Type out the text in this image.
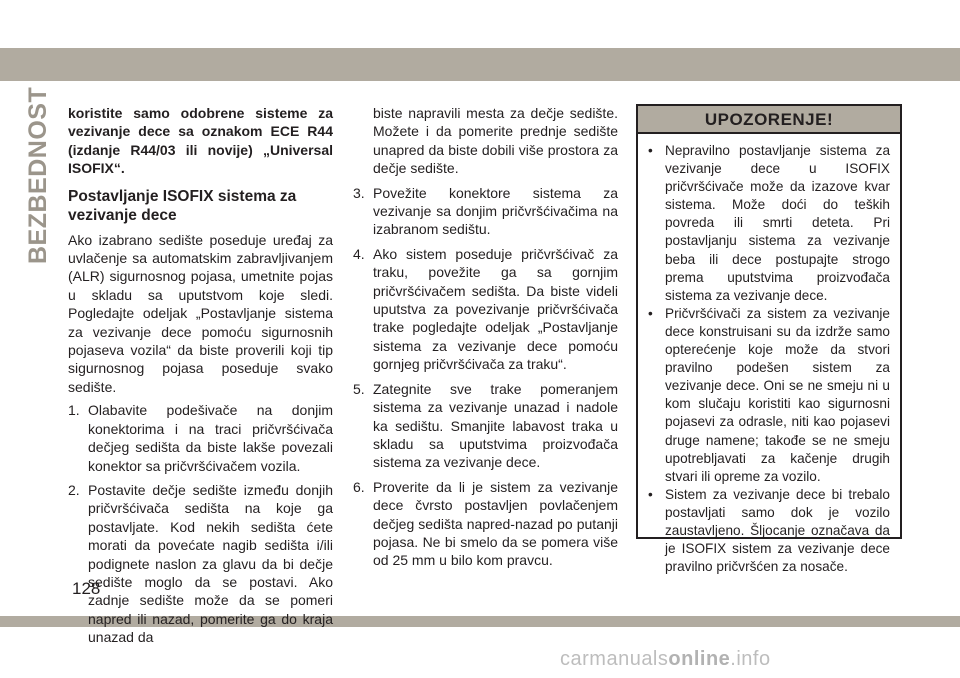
BEZBEDNOST koristite samo odobrene sisteme za vezivanje dece sa oznakom ECE R44 (izdanje R44/03 ili novije) „Universal ISOFIX“.

Postavljanje ISOFIX sistema za vezivanje dece

Ako izabrano sedište poseduje uređaj za uvlačenje sa automatskim zabravljivanjem (ALR) sigurnosnog pojasa, umetnite pojas u skladu sa uputstvom koje sledi. Pogledajte odeljak „Postavljanje sistema za vezivanje dece pomoću sigurnosnih pojaseva vozila“ da biste proverili koji tip sigurnosnog pojasa poseduje svako sedište.

1. Olabavite podešivače na donjim konektorima i na traci pričvršćivača dečjeg sedišta da biste lakše povezali konektor sa pričvršćivačem vozila.
2. Postavite dečje sedište između donjih pričvršćivača sedišta na koje ga postavljate. Kod nekih sedišta ćete morati da povećate nagib sedišta i/ili podignete naslon za glavu da bi dečje sedište moglo da se postavi. Ako zadnje sedište može da se pomeri napred ili nazad, pomerite ga do kraja unazad da
biste napravili mesta za dečje sedište. Možete i da pomerite prednje sedište unapred da biste dobili više prostora za dečje sedište.
3. Povežite konektore sistema za vezivanje sa donjim pričvršćivačima na izabranom sedištu.
4. Ako sistem poseduje pričvršćivač za traku, povežite ga sa gornjim pričvršćivačem sedišta. Da biste videli uputstva za povezivanje pričvršćivača trake pogledajte odeljak „Postavljanje sistema za vezivanje dece pomoću gornjeg pričvršćivača za traku“.
5. Zategnite sve trake pomeranjem sistema za vezivanje unazad i nadole ka sedištu. Smanjite labavost traka u skladu sa uputstvima proizvođača sistema za vezivanje dece.
6. Proverite da li je sistem za vezivanje dece čvrsto postavljen povlačenjem dečjeg sedišta napred-nazad po putanji pojasa. Ne bi smelo da se pomera više od 25 mm u bilo kom pravcu.
UPOZORENJE!
• Nepravilno postavljanje sistema za vezivanje dece u ISOFIX pričvršćivače može da izazove kvar sistema. Može doći do teških povreda ili smrti deteta. Pri postavljanju sistema za vezivanje beba ili dece postupajte strogo prema uputstvima proizvođača sistema za vezivanje dece.
• Pričvršćivači za sistem za vezivanje dece konstruisani su da izdrže samo opterećenje koje može da stvori pravilno podešen sistem za vezivanje dece. Oni se ne smeju ni u kom slučaju koristiti kao sigurnosni pojasevi za odrasle, niti kao pojasevi druge namene; takođe se ne smeju upotrebljavati za kačenje drugih stvari ili opreme za vozilo.
• Sistem za vezivanje dece bi trebalo postavljati samo dok je vozilo zaustavljeno. Šljocanje označava da je ISOFIX sistem za vezivanje dece pravilno pričvršćen za nosače.
128
carmanualsonline.info
